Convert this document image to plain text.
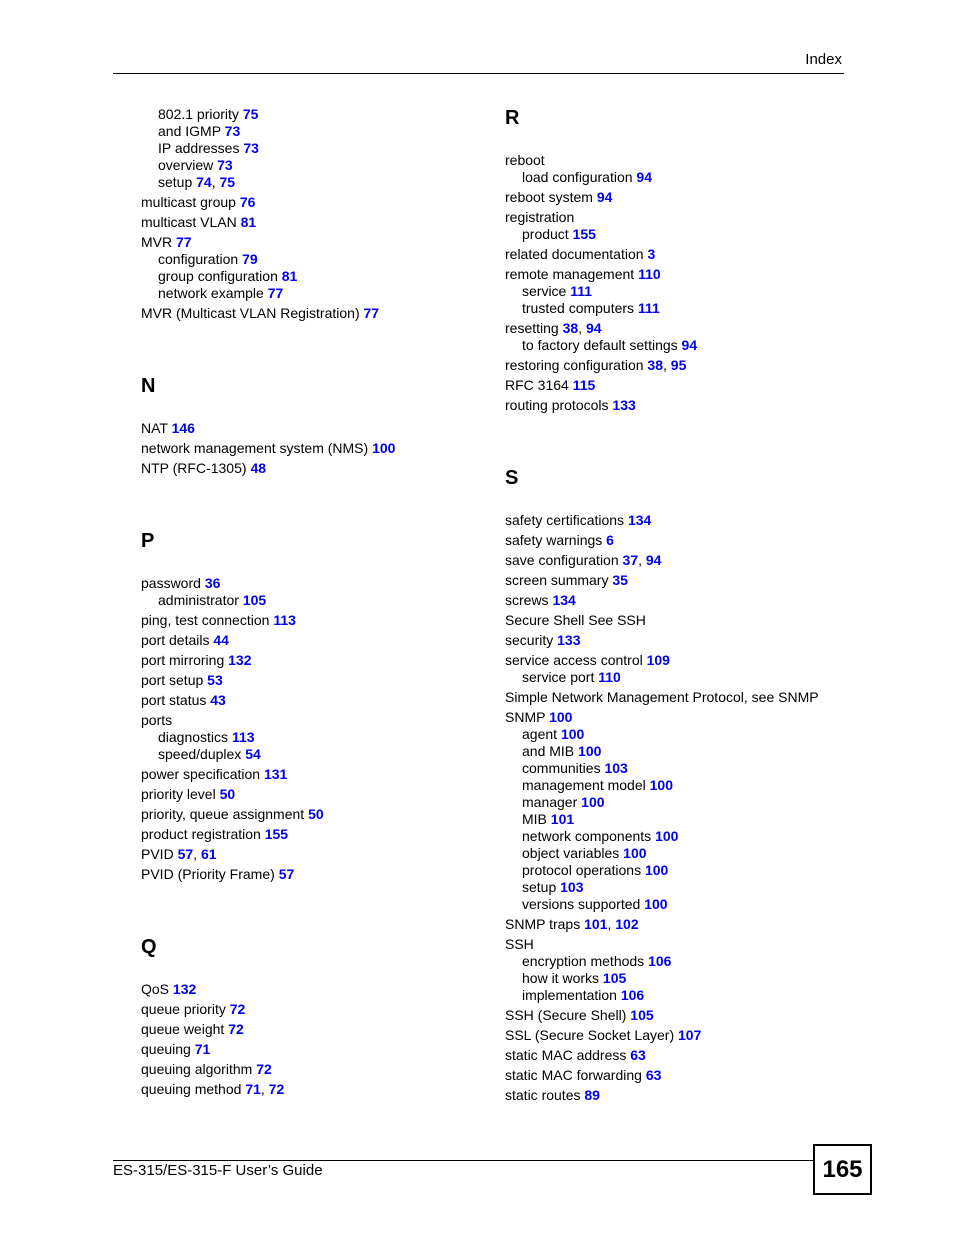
Index
802.1 priority 75
and IGMP 73
IP addresses 73
overview 73
setup 74, 75
multicast group 76
multicast VLAN 81
MVR 77
configuration 79
group configuration 81
network example 77
MVR (Multicast VLAN Registration) 77
N
NAT 146
network management system (NMS) 100
NTP (RFC-1305) 48
P
password 36
administrator 105
ping, test connection 113
port details 44
port mirroring 132
port setup 53
port status 43
ports
diagnostics 113
speed/duplex 54
power specification 131
priority level 50
priority, queue assignment 50
product registration 155
PVID 57, 61
PVID (Priority Frame) 57
Q
QoS 132
queue priority 72
queue weight 72
queuing 71
queuing algorithm 72
queuing method 71, 72
R
reboot
load configuration 94
reboot system 94
registration
product 155
related documentation 3
remote management 110
service 111
trusted computers 111
resetting 38, 94
to factory default settings 94
restoring configuration 38, 95
RFC 3164 115
routing protocols 133
S
safety certifications 134
safety warnings 6
save configuration 37, 94
screen summary 35
screws 134
Secure Shell See SSH
security 133
service access control 109
service port 110
Simple Network Management Protocol, see SNMP
SNMP 100
agent 100
and MIB 100
communities 103
management model 100
manager 100
MIB 101
network components 100
object variables 100
protocol operations 100
setup 103
versions supported 100
SNMP traps 101, 102
SSH
encryption methods 106
how it works 105
implementation 106
SSH (Secure Shell) 105
SSL (Secure Socket Layer) 107
static MAC address 63
static MAC forwarding 63
static routes 89
ES-315/ES-315-F User’s Guide	165
